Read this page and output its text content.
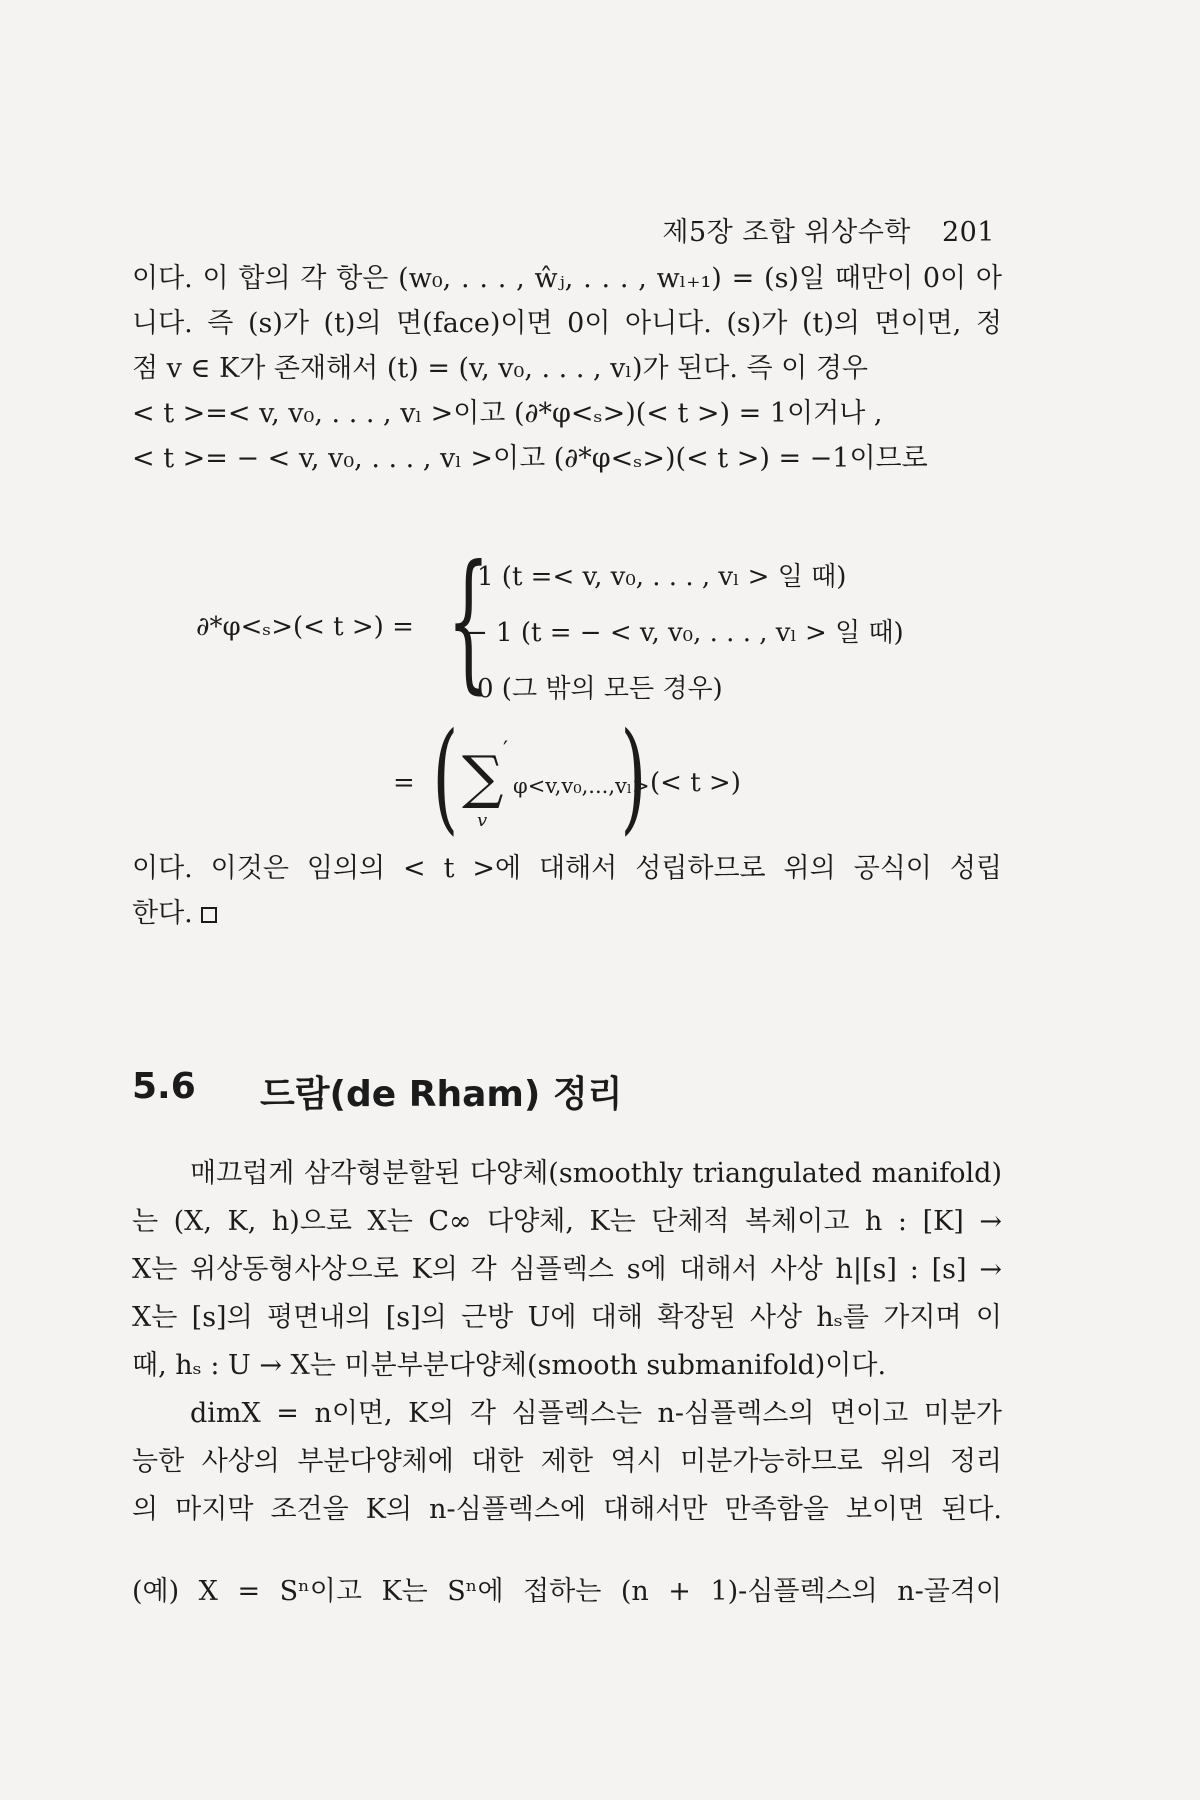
제5장 조합 위상수학 201
이다. 이 합의 각 항은 (w₀, . . . , ŵⱼ, . . . , wₗ₊₁) = (s)일 때만이 0이 아
니다. 즉 (s)가 (t)의 면(face)이면 0이 아니다. (s)가 (t)의 면이면, 정
점 v ∈ K가 존재해서 (t) = (v, v₀, . . . , vₗ)가 된다. 즉 이 경우
< t >=< v, v₀, . . . , vₗ >이고 (∂*φ<ₛ>)(< t >) = 1이거나 ,
< t >= − < v, v₀, . . . , vₗ >이고 (∂*φ<ₛ>)(< t >) = −1이므로
∂*φ<ₛ>(< t >) = {
1 (t =< v, v₀, . . . , vₗ > 일 때)
− 1 (t = − < v, v₀, . . . , vₗ > 일 때)
0 (그 밖의 모든 경우)
= ( ∑ ′
v
φ<v,v₀,...,vₗ>
) (< t >)
이다. 이것은 임의의 < t >에 대해서 성립하므로 위의 공식이 성립
한다.
5.6 드람(de Rham) 정리
매끄럽게 삼각형분할된 다양체(smoothly triangulated manifold)
는 (X, K, h)으로 X는 C∞ 다양체, K는 단체적 복체이고 h : [K] →
X는 위상동형사상으로 K의 각 심플렉스 s에 대해서 사상 h|[s] : [s] →
X는 [s]의 평면내의 [s]의 근방 U에 대해 확장된 사상 hₛ를 가지며 이
때, hₛ : U → X는 미분부분다양체(smooth submanifold)이다.
dimX = n이면, K의 각 심플렉스는 n-심플렉스의 면이고 미분가
능한 사상의 부분다양체에 대한 제한 역시 미분가능하므로 위의 정리
의 마지막 조건을 K의 n-심플렉스에 대해서만 만족함을 보이면 된다.
(예) X = Sⁿ이고 K는 Sⁿ에 접하는 (n + 1)-심플렉스의 n-골격이
